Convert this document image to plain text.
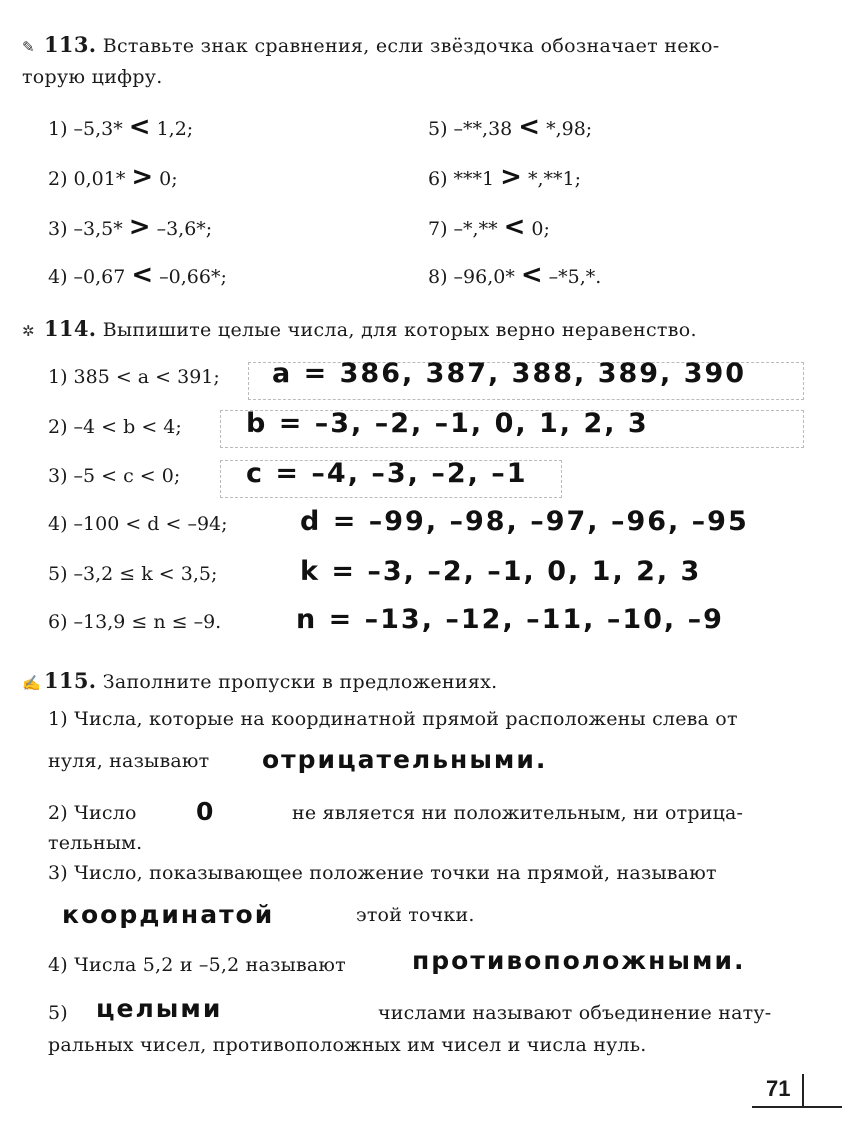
✎ 113. Вставьте знак сравнения, если звёздочка обозначает неко-
торую цифру.
1) –5,3* < 1,2;
2) 0,01* > 0;
3) –3,5* > –3,6*;
4) –0,67 < –0,66*;
5) –**,38 < *,98;
6) ***1 > *,**1;
7) –*,** < 0;
8) –96,0* < –*5,*.
✲ 114. Выпишите целые числа, для которых верно неравенство.
1) 385 < a < 391; a = 386, 387, 388, 389, 390
2) –4 < b < 4; b = –3, –2, –1, 0, 1, 2, 3
3) –5 < c < 0; c = –4, –3, –2, –1
4) –100 < d < –94;	d = –99, –98, –97, –96, –95
5) –3,2 ≤ k < 3,5;	k = –3, –2, –1, 0, 1, 2, 3
6) –13,9 ≤ n ≤ –9.	n = –13, –12, –11, –10, –9
✍ 115. Заполните пропуски в предложениях.
1) Числа, которые на координатной прямой расположены слева от
нуля, называют отрицательными.
2) Число 0	не является ни положительным, ни отрица-
тельным.
3) Число, показывающее положение точки на прямой, называют
координатой	этой точки.
4) Числа 5,2 и –5,2 называют	противоположными.
5) целыми	числами называют объединение нату-
ральных чисел, противоположных им чисел и числа нуль.
71
